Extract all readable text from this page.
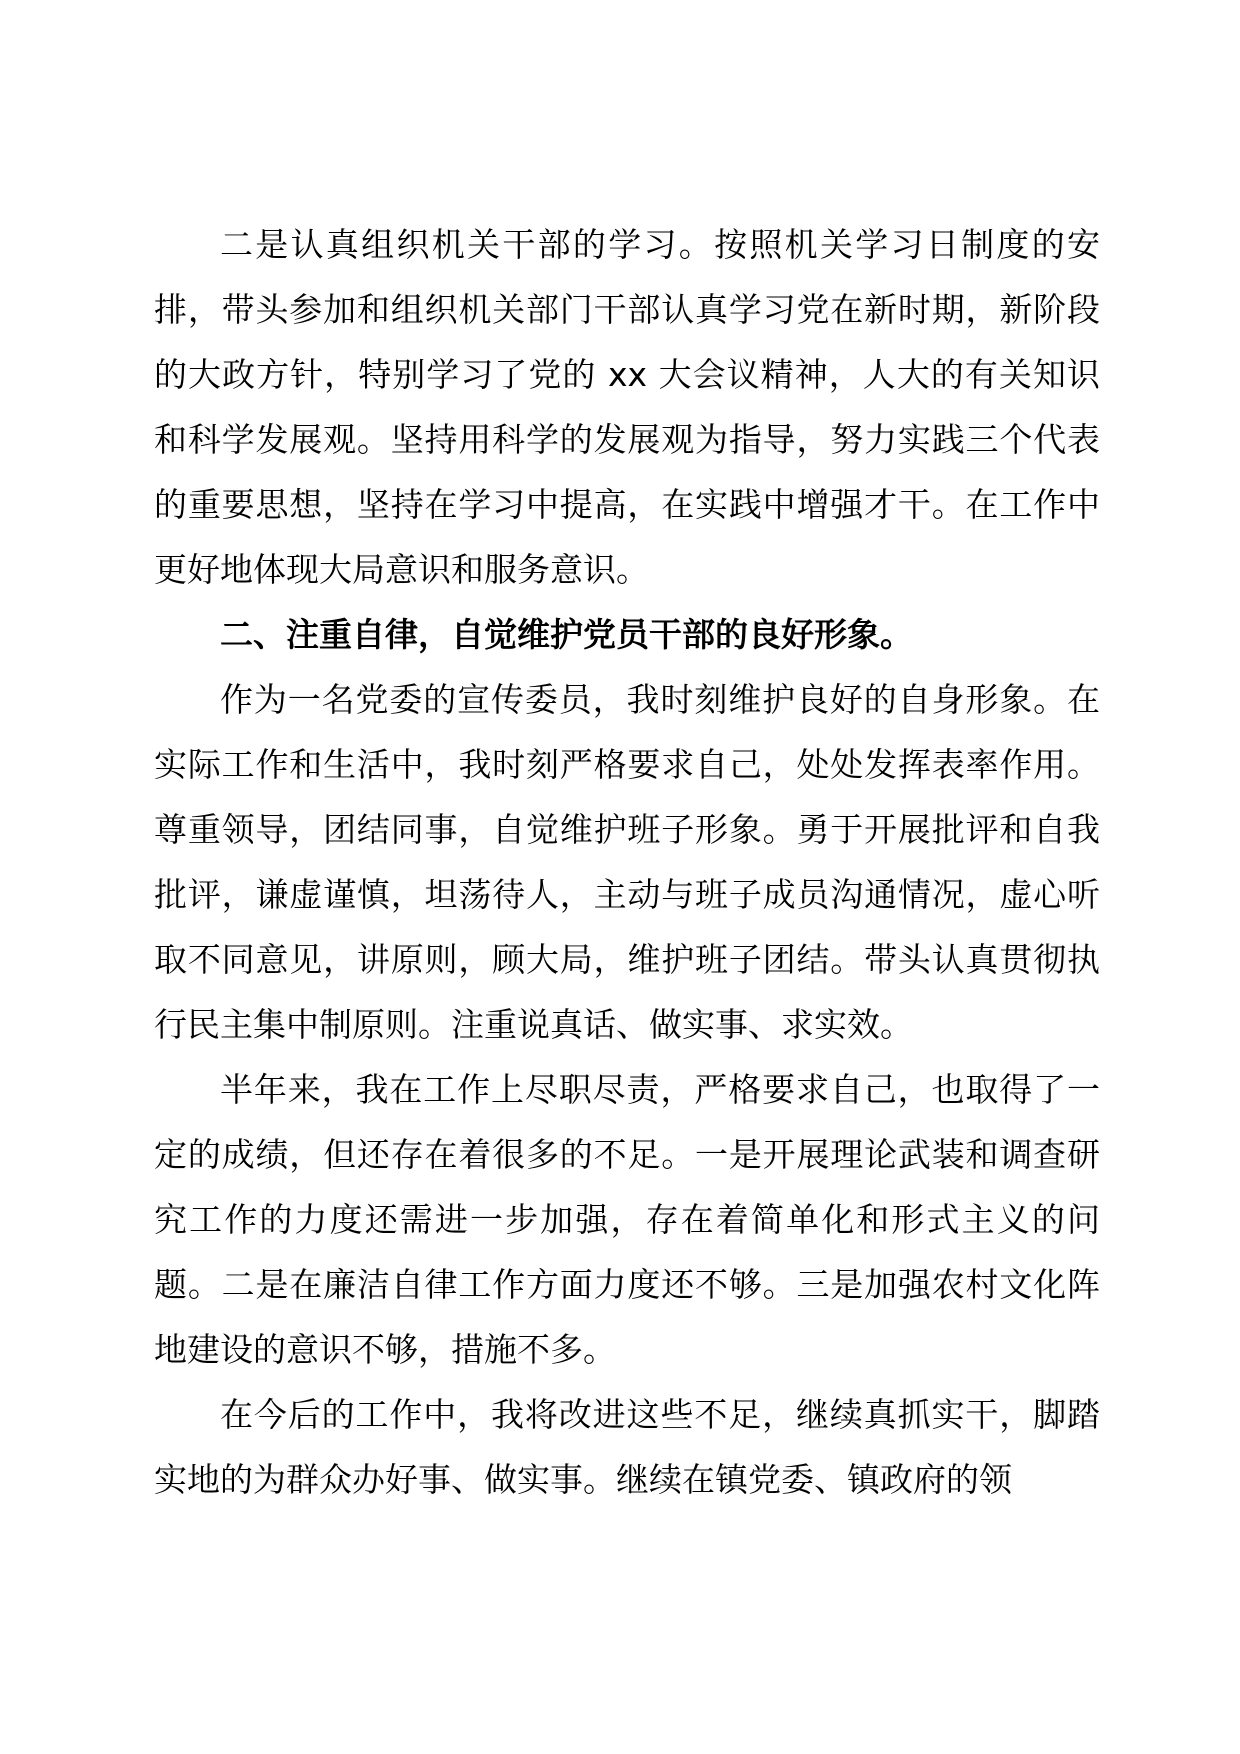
二是认真组织机关干部的学习。按照机关学习日制度的安排，带头参加和组织机关部门干部认真学习党在新时期，新阶段的大政方针，特别学习了党的 xx 大会议精神，人大的有关知识和科学发展观。坚持用科学的发展观为指导，努力实践三个代表的重要思想，坚持在学习中提高，在实践中增强才干。在工作中更好地体现大局意识和服务意识。

二、注重自律，自觉维护党员干部的良好形象。

作为一名党委的宣传委员，我时刻维护良好的自身形象。在实际工作和生活中，我时刻严格要求自己，处处发挥表率作用。尊重领导，团结同事，自觉维护班子形象。勇于开展批评和自我批评，谦虚谨慎，坦荡待人，主动与班子成员沟通情况，虚心听取不同意见，讲原则，顾大局，维护班子团结。带头认真贯彻执行民主集中制原则。注重说真话、做实事、求实效。

半年来，我在工作上尽职尽责，严格要求自己，也取得了一定的成绩，但还存在着很多的不足。一是开展理论武装和调查研究工作的力度还需进一步加强，存在着简单化和形式主义的问题。二是在廉洁自律工作方面力度还不够。三是加强农村文化阵地建设的意识不够，措施不多。

在今后的工作中，我将改进这些不足，继续真抓实干，脚踏实地的为群众办好事、做实事。继续在镇党委、镇政府的领
